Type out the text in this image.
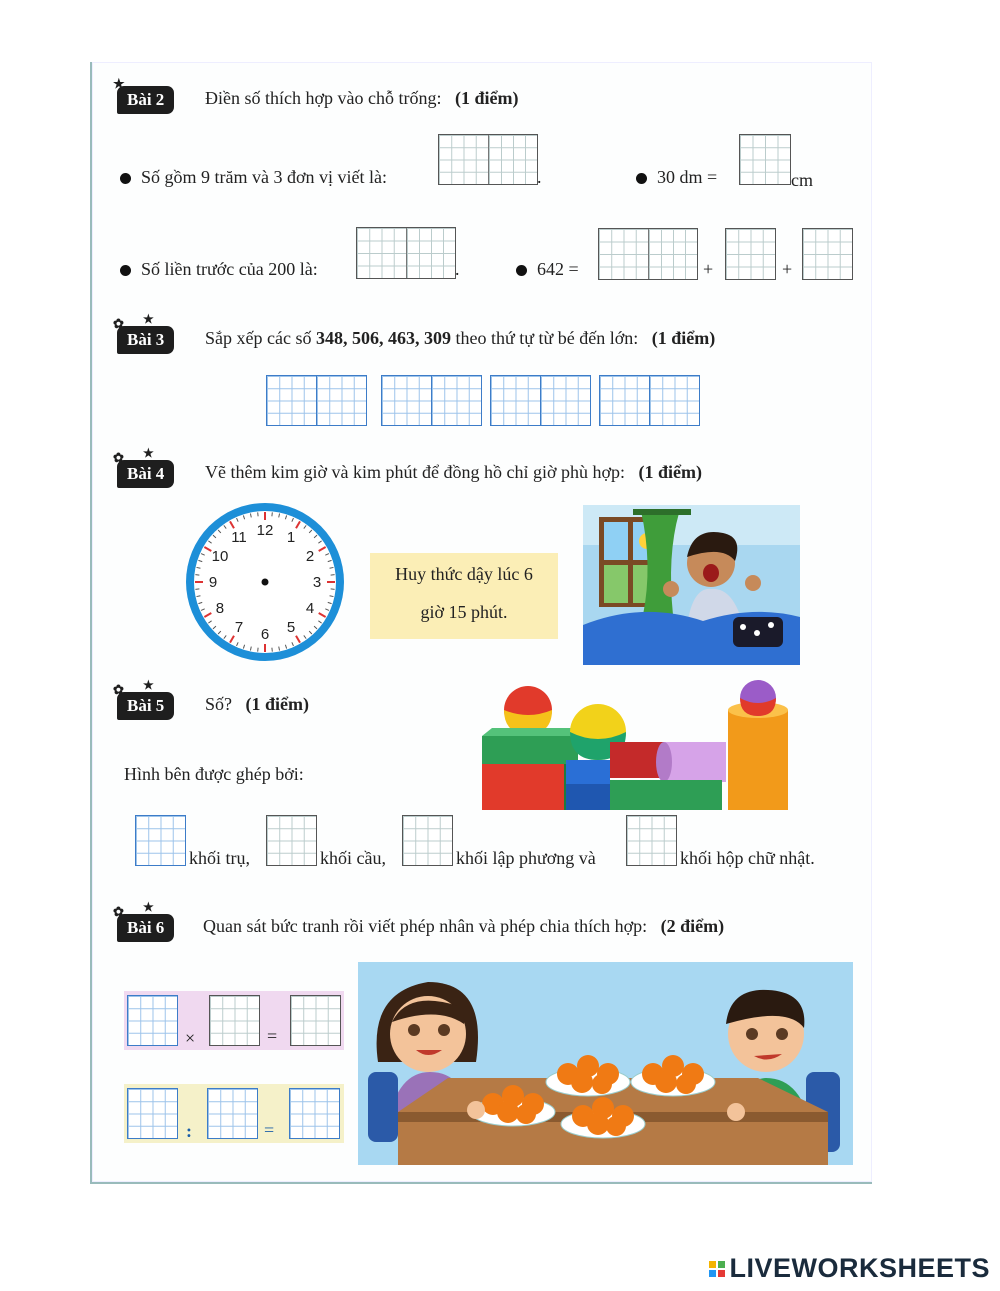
★
Bài 2	Điền số thích hợp vào chỗ trống: (1 điểm)
Số gồm 9 trăm và 3 đơn vị viết là:	.	30 dm =	cm
Số liền trước của 200 là:	.	642 =	+	+
✿ ★
Bài 3	Sắp xếp các số 348, 506, 463, 309 theo thứ tự từ bé đến lớn: (1 điểm)
✿ ★
Bài 4	Vẽ thêm kim giờ và kim phút để đồng hồ chỉ giờ phù hợp: (1 điểm)
12 1
2
3
4
5
6
7
8
9
10
11
Huy thức dậy lúc 6
giờ 15 phút.
✿ ★
Bài 5	Số? (1 điểm)
Hình bên được ghép bởi:
khối trụ,	khối cầu,	khối lập phương và	khối hộp chữ nhật.
✿ ★
Bài 6	Quan sát bức tranh rồi viết phép nhân và phép chia thích hợp: (2 điểm)
×	=
:	=
LIVEWORKSHEETS
